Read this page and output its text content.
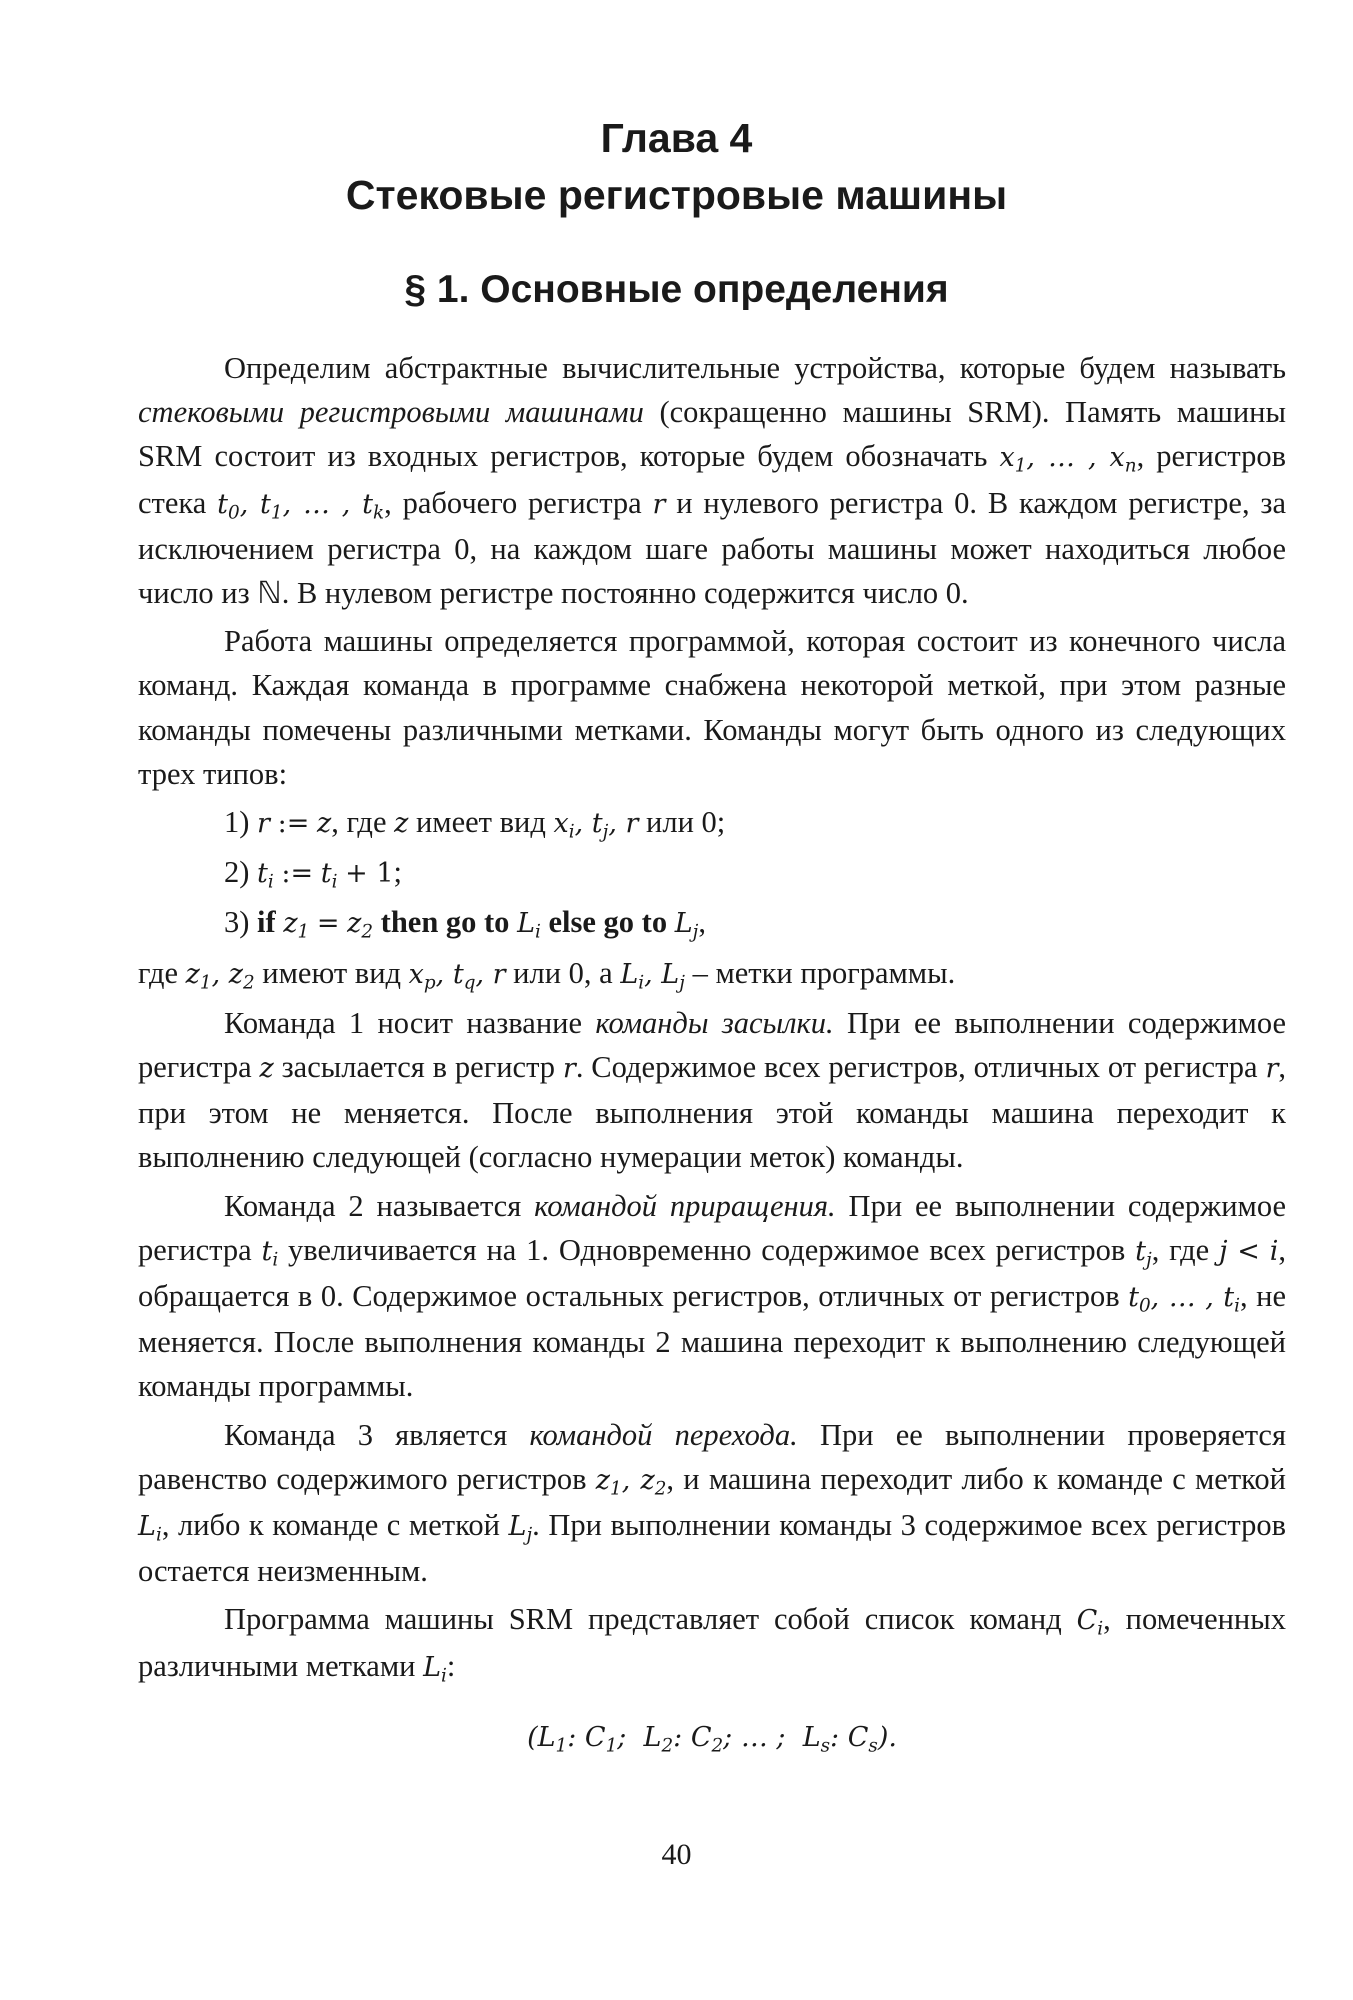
Глава 4
Стековые регистровые машины
§ 1. Основные определения

Определим абстрактные вычислительные устройства, которые будем называть стековыми регистровыми машинами (сокращенно машины SRM). Память машины SRM состоит из входных регистров, которые будем обозначать $x_1$, … , $x_n$, регистров стека $t_0$, $t_1$, … , $t_k$, рабочего регистра r и нулевого регистра 0. В каждом регистре, за исключением регистра 0, на каждом шаге работы машины может находиться любое число из ℕ. В нулевом регистре постоянно содержится число 0.

Работа машины определяется программой, которая состоит из конечного числа команд. Каждая команда в программе снабжена некоторой меткой, при этом разные команды помечены различными метками. Команды могут быть одного из следующих трех типов:

1) r := z, где z имеет вид $x_i$, $t_j$, r или 0;

2) $t_i$ := $t_i + 1$;

3) if $z_1 = z_2$ then go to $L_i$ else go to $L_j$,

где $z_1$, $z_2$ имеют вид $x_p$, $t_q$, r или 0, а $L_i$, $L_j$ – метки программы.

Команда 1 носит название команды засылки. При ее выполнении содержимое регистра z засылается в регистр r. Содержимое всех регистров, отличных от регистра r, при этом не меняется. После выполнения этой команды машина переходит к выполнению следующей (согласно нумерации меток) команды.

Команда 2 называется командой приращения. При ее выполнении содержимое регистра $t_i$ увеличивается на 1. Одновременно содержимое всех регистров $t_j$, где j < i, обращается в 0. Содержимое остальных регистров, отличных от регистров $t_0$, … , $t_i$, не меняется. После выполнения команды 2 машина переходит к выполнению следующей команды программы.

Команда 3 является командой перехода. При ее выполнении проверяется равенство содержимого регистров $z_1$, $z_2$, и машина переходит либо к команде с меткой $L_i$, либо к команде с меткой $L_j$. При выполнении команды 3 содержимое всех регистров остается неизменным.

Программа машины SRM представляет собой список команд $C_i$, помеченных различными метками $L_i$:

($L_1$: $C_1$;  $L_2$: $C_2$; … ;  $L_s$: $C_s$).

40
